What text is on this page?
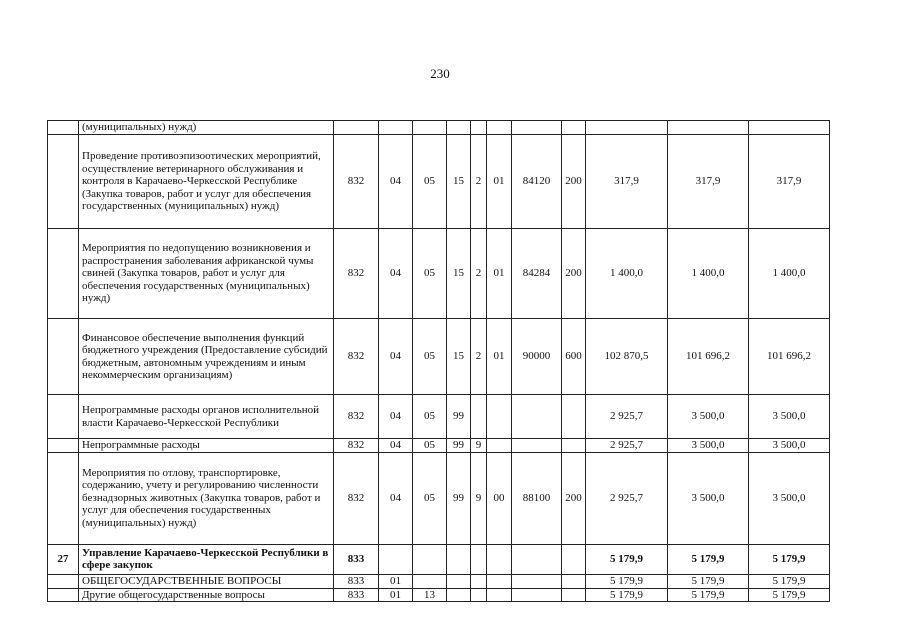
230
	(муниципальных) нужд)											
	Проведение противоэпизоотических мероприятий, осуществление ветеринарного обслуживания и контроля в Карачаево-Черкесской Республике (Закупка товаров, работ и услуг для обеспечения государственных (муниципальных) нужд)	832	04	05	15	2	01	84120	200	317,9	317,9	317,9
	Мероприятия по недопущению возникновения и распространения заболевания африканской чумы свиней (Закупка товаров, работ и услуг для обеспечения государственных (муниципальных) нужд)	832	04	05	15	2	01	84284	200	1 400,0	1 400,0	1 400,0
	Финансовое обеспечение выполнения функций бюджетного учреждения (Предоставление субсидий бюджетным, автономным учреждениям и иным некоммерческим организациям)	832	04	05	15	2	01	90000	600	102 870,5	101 696,2	101 696,2
	Непрограммные расходы органов исполнительной власти Карачаево-Черкесской Республики	832	04	05	99					2 925,7	3 500,0	3 500,0
	Непрограммные расходы	832	04	05	99	9				2 925,7	3 500,0	3 500,0
	Мероприятия по отлову, транспортировке, содержанию, учету и регулированию численности безнадзорных животных (Закупка товаров, работ и услуг для обеспечения государственных (муниципальных) нужд)	832	04	05	99	9	00	88100	200	2 925,7	3 500,0	3 500,0
27	Управление Карачаево-Черкесской Республики в сфере закупок	833								5 179,9	5 179,9	5 179,9
	ОБЩЕГОСУДАРСТВЕННЫЕ ВОПРОСЫ	833	01							5 179,9	5 179,9	5 179,9
	Другие общегосударственные вопросы	833	01	13						5 179,9	5 179,9	5 179,9
